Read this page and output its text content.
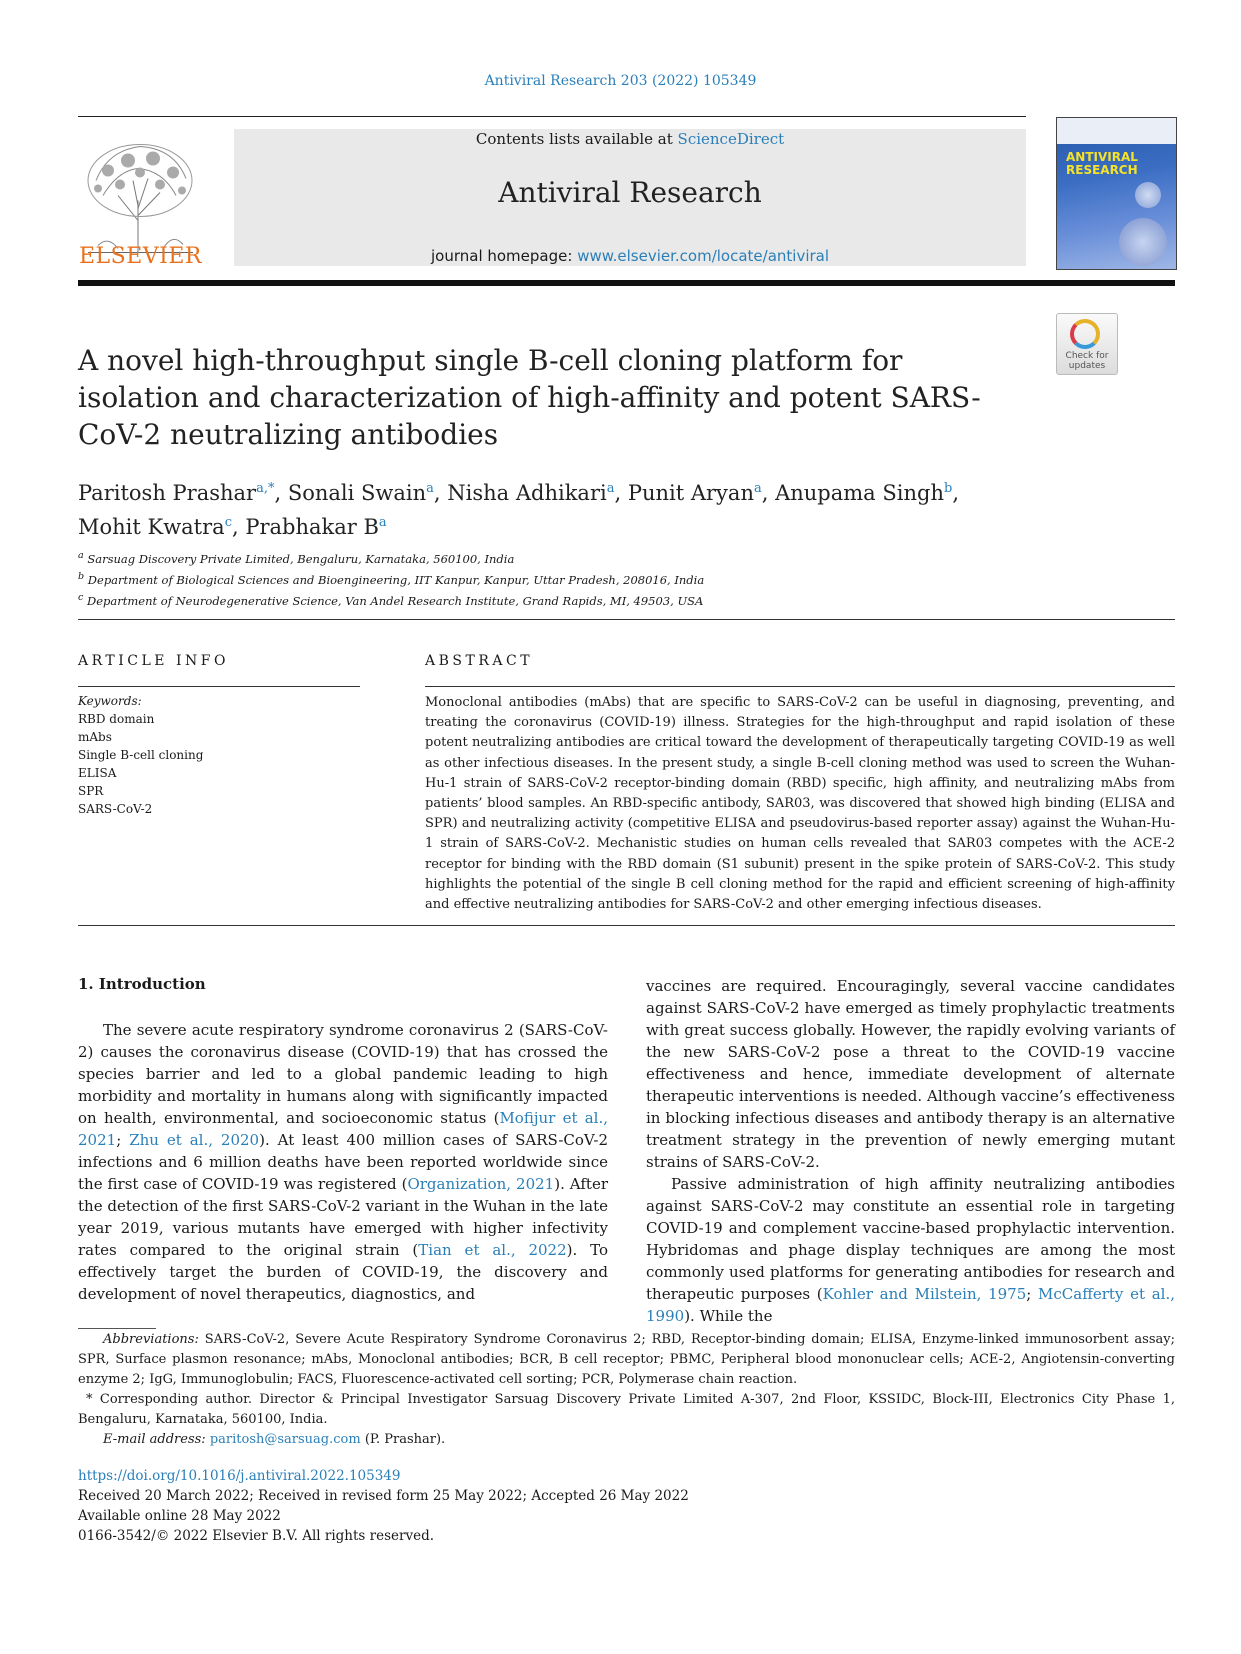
Antiviral Research 203 (2022) 105349
ELSEVIER
Contents lists available at ScienceDirect
Antiviral Research
journal homepage: www.elsevier.com/locate/antiviral
ANTIVIRAL
RESEARCH
Check for
updates
A novel high-throughput single B-cell cloning platform for isolation and characterization of high-affinity and potent SARS-CoV-2 neutralizing antibodies
Paritosh Prashar$^{a,*}$, Sonali Swain$^a$, Nisha Adhikari$^a$, Punit Aryan$^a$, Anupama Singh$^b$,
Mohit Kwatra$^c$, Prabhakar B$^a$
$^a$ Sarsuag Discovery Private Limited, Bengaluru, Karnataka, 560100, India
$^b$ Department of Biological Sciences and Bioengineering, IIT Kanpur, Kanpur, Uttar Pradesh, 208016, India
$^c$ Department of Neurodegenerative Science, Van Andel Research Institute, Grand Rapids, MI, 49503, USA
ARTICLE INFO
Keywords:
RBD domain
mAbs
Single B-cell cloning
ELISA
SPR
SARS-CoV-2
ABSTRACT
Monoclonal antibodies (mAbs) that are specific to SARS-CoV-2 can be useful in diagnosing, preventing, and treating the coronavirus (COVID-19) illness. Strategies for the high-throughput and rapid isolation of these potent neutralizing antibodies are critical toward the development of therapeutically targeting COVID-19 as well as other infectious diseases. In the present study, a single B-cell cloning method was used to screen the Wuhan-Hu-1 strain of SARS-CoV-2 receptor-binding domain (RBD) specific, high affinity, and neutralizing mAbs from patients’ blood samples. An RBD-specific antibody, SAR03, was discovered that showed high binding (ELISA and SPR) and neutralizing activity (competitive ELISA and pseudovirus-based reporter assay) against the Wuhan-Hu-1 strain of SARS-CoV-2. Mechanistic studies on human cells revealed that SAR03 competes with the ACE-2 receptor for binding with the RBD domain (S1 subunit) present in the spike protein of SARS-CoV-2. This study highlights the potential of the single B cell cloning method for the rapid and efficient screening of high-affinity and effective neutralizing antibodies for SARS-CoV-2 and other emerging infectious diseases.
1. Introduction
The severe acute respiratory syndrome coronavirus 2 (SARS-CoV-2) causes the coronavirus disease (COVID-19) that has crossed the species barrier and led to a global pandemic leading to high morbidity and mortality in humans along with significantly impacted on health, environmental, and socioeconomic status (Mofijur et al., 2021; Zhu et al., 2020). At least 400 million cases of SARS-CoV-2 infections and 6 million deaths have been reported worldwide since the first case of COVID-19 was registered (Organization, 2021). After the detection of the first SARS-CoV-2 variant in the Wuhan in the late year 2019, various mutants have emerged with higher infectivity rates compared to the original strain (Tian et al., 2022). To effectively target the burden of COVID-19, the discovery and development of novel therapeutics, diagnostics, and

vaccines are required. Encouragingly, several vaccine candidates against SARS-CoV-2 have emerged as timely prophylactic treatments with great success globally. However, the rapidly evolving variants of the new SARS-CoV-2 pose a threat to the COVID-19 vaccine effectiveness and hence, immediate development of alternate therapeutic interventions is needed. Although vaccine’s effectiveness in blocking infectious diseases and antibody therapy is an alternative treatment strategy in the prevention of newly emerging mutant strains of SARS-CoV-2.

Passive administration of high affinity neutralizing antibodies against SARS-CoV-2 may constitute an essential role in targeting COVID-19 and complement vaccine-based prophylactic intervention. Hybridomas and phage display techniques are among the most commonly used platforms for generating antibodies for research and therapeutic purposes (Kohler and Milstein, 1975; McCafferty et al., 1990). While the

Abbreviations: SARS-CoV-2, Severe Acute Respiratory Syndrome Coronavirus 2; RBD, Receptor-binding domain; ELISA, Enzyme-linked immunosorbent assay; SPR, Surface plasmon resonance; mAbs, Monoclonal antibodies; BCR, B cell receptor; PBMC, Peripheral blood mononuclear cells; ACE-2, Angiotensin-converting enzyme 2; IgG, Immunoglobulin; FACS, Fluorescence-activated cell sorting; PCR, Polymerase chain reaction.

* Corresponding author. Director & Principal Investigator Sarsuag Discovery Private Limited A-307, 2nd Floor, KSSIDC, Block-III, Electronics City Phase 1, Bengaluru, Karnataka, 560100, India.

E-mail address: paritosh@sarsuag.com (P. Prashar).

https://doi.org/10.1016/j.antiviral.2022.105349
Received 20 March 2022; Received in revised form 25 May 2022; Accepted 26 May 2022
Available online 28 May 2022
0166-3542/© 2022 Elsevier B.V. All rights reserved.
